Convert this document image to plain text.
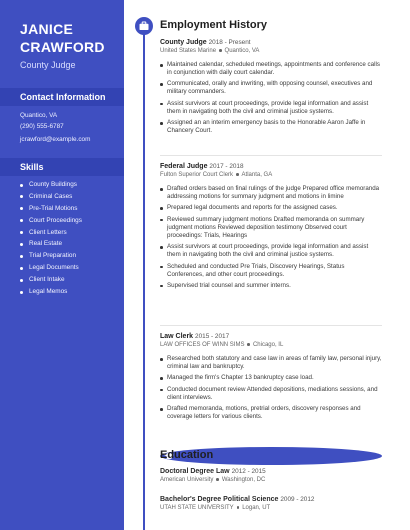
JANICE
CRAWFORD
County Judge
Contact Information
Quantico, VA
(290) 555-6787
jcrawford@example.com
Skills
County Buildings
Criminal Cases
Pre-Trial Motions
Court Proceedings
Client Letters
Real Estate
Trial Preparation
Legal Documents
Client Intake
Legal Memos
Employment History
County Judge 2018 - Present
United States Marine Quantico, VA
Maintained calendar, scheduled meetings, appointments and conference calls in conjunction with daily court calendar.
Communicated, orally and inwriting, with opposing counsel, executives and military commanders.
Assist survivors at court proceedings, provide legal information and assist them in navigating both the civil and criminal justice systems.
Assigned an an interim emergency basis to the Honorable Aaron Jaffe in Chancery Court.
Federal Judge 2017 - 2018
Fulton Superior Court Clerk Atlanta, GA
Drafted orders based on final rulings of the judge Prepared office memoranda addressing motions for summary judgment and motions in limine
Prepared legal documents and reports for the assigned cases.
Reviewed summary judgment motions Drafted memoranda on summary judgment motions Reviewed deposition testimony Observed court proceedings: Trials, Hearings
Assist survivors at court proceedings, provide legal information and assist them in navigating both the civil and criminal justice systems.
Scheduled and conducted Pre Trials, Discovery Hearings, Status Conferences, and other court proceedings.
Supervised trial counsel and summer interns.
Law Clerk 2015 - 2017
LAW OFFICES OF WINN SIMS Chicago, IL
Researched both statutory and case law in areas of family law, personal injury, criminal law and bankruptcy.
Managed the firm's Chapter 13 bankruptcy case load.
Conducted document review Attended depositions, mediations sessions, and client interviews.
Drafted memoranda, motions, pretrial orders, discovery responses and coverage letters for various clients.
Education
Doctoral Degree Law 2012 - 2015
American University Washington, DC
Bachelor's Degree Political Science 2009 - 2012
UTAH STATE UNIVERSITY Logan, UT
